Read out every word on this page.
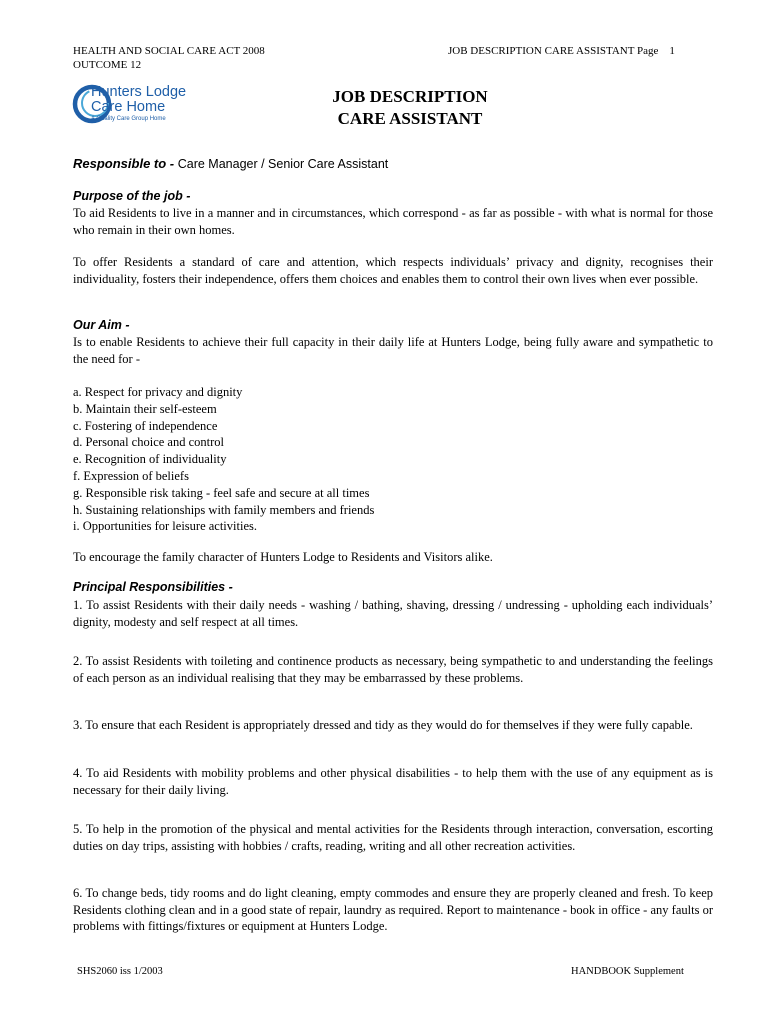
HEALTH AND SOCIAL CARE ACT 2008
OUTCOME 12
JOB DESCRIPTION CARE ASSISTANT Page 1
Hunters Lodge
Care Home
A Quality Care Group Home
JOB DESCRIPTION
CARE ASSISTANT
Responsible to - Care Manager / Senior Care Assistant
Purpose of the job -
To aid Residents to live in a manner and in circumstances, which correspond - as far as possible - with what is normal for those who remain in their own homes.
To offer Residents a standard of care and attention, which respects individuals’ privacy and dignity, recognises their individuality, fosters their independence, offers them choices and enables them to control their own lives when ever possible.
Our Aim -
Is to enable Residents to achieve their full capacity in their daily life at Hunters Lodge, being fully aware and sympathetic to the need for -
a. Respect for privacy and dignity
b. Maintain their self-esteem
c. Fostering of independence
d. Personal choice and control
e. Recognition of individuality
f. Expression of beliefs
g. Responsible risk taking - feel safe and secure at all times
h. Sustaining relationships with family members and friends
i. Opportunities for leisure activities.
To encourage the family character of Hunters Lodge to Residents and Visitors alike.
Principal Responsibilities -
1. To assist Residents with their daily needs - washing / bathing, shaving, dressing / undressing - upholding each individuals’ dignity, modesty and self respect at all times.
2. To assist Residents with toileting and continence products as necessary, being sympathetic to and understanding the feelings of each person as an individual realising that they may be embarrassed by these problems.
3. To ensure that each Resident is appropriately dressed and tidy as they would do for themselves if they were fully capable.
4. To aid Residents with mobility problems and other physical disabilities - to help them with the use of any equipment as is necessary for their daily living.
5. To help in the promotion of the physical and mental activities for the Residents through interaction, conversation, escorting duties on day trips, assisting with hobbies / crafts, reading, writing and all other recreation activities.
6. To change beds, tidy rooms and do light cleaning, empty commodes and ensure they are properly cleaned and fresh. To keep Residents clothing clean and in a good state of repair, laundry as required. Report to maintenance - book in office - any faults or problems with fittings/fixtures or equipment at Hunters Lodge.
SHS2060 iss 1/2003	HANDBOOK Supplement
